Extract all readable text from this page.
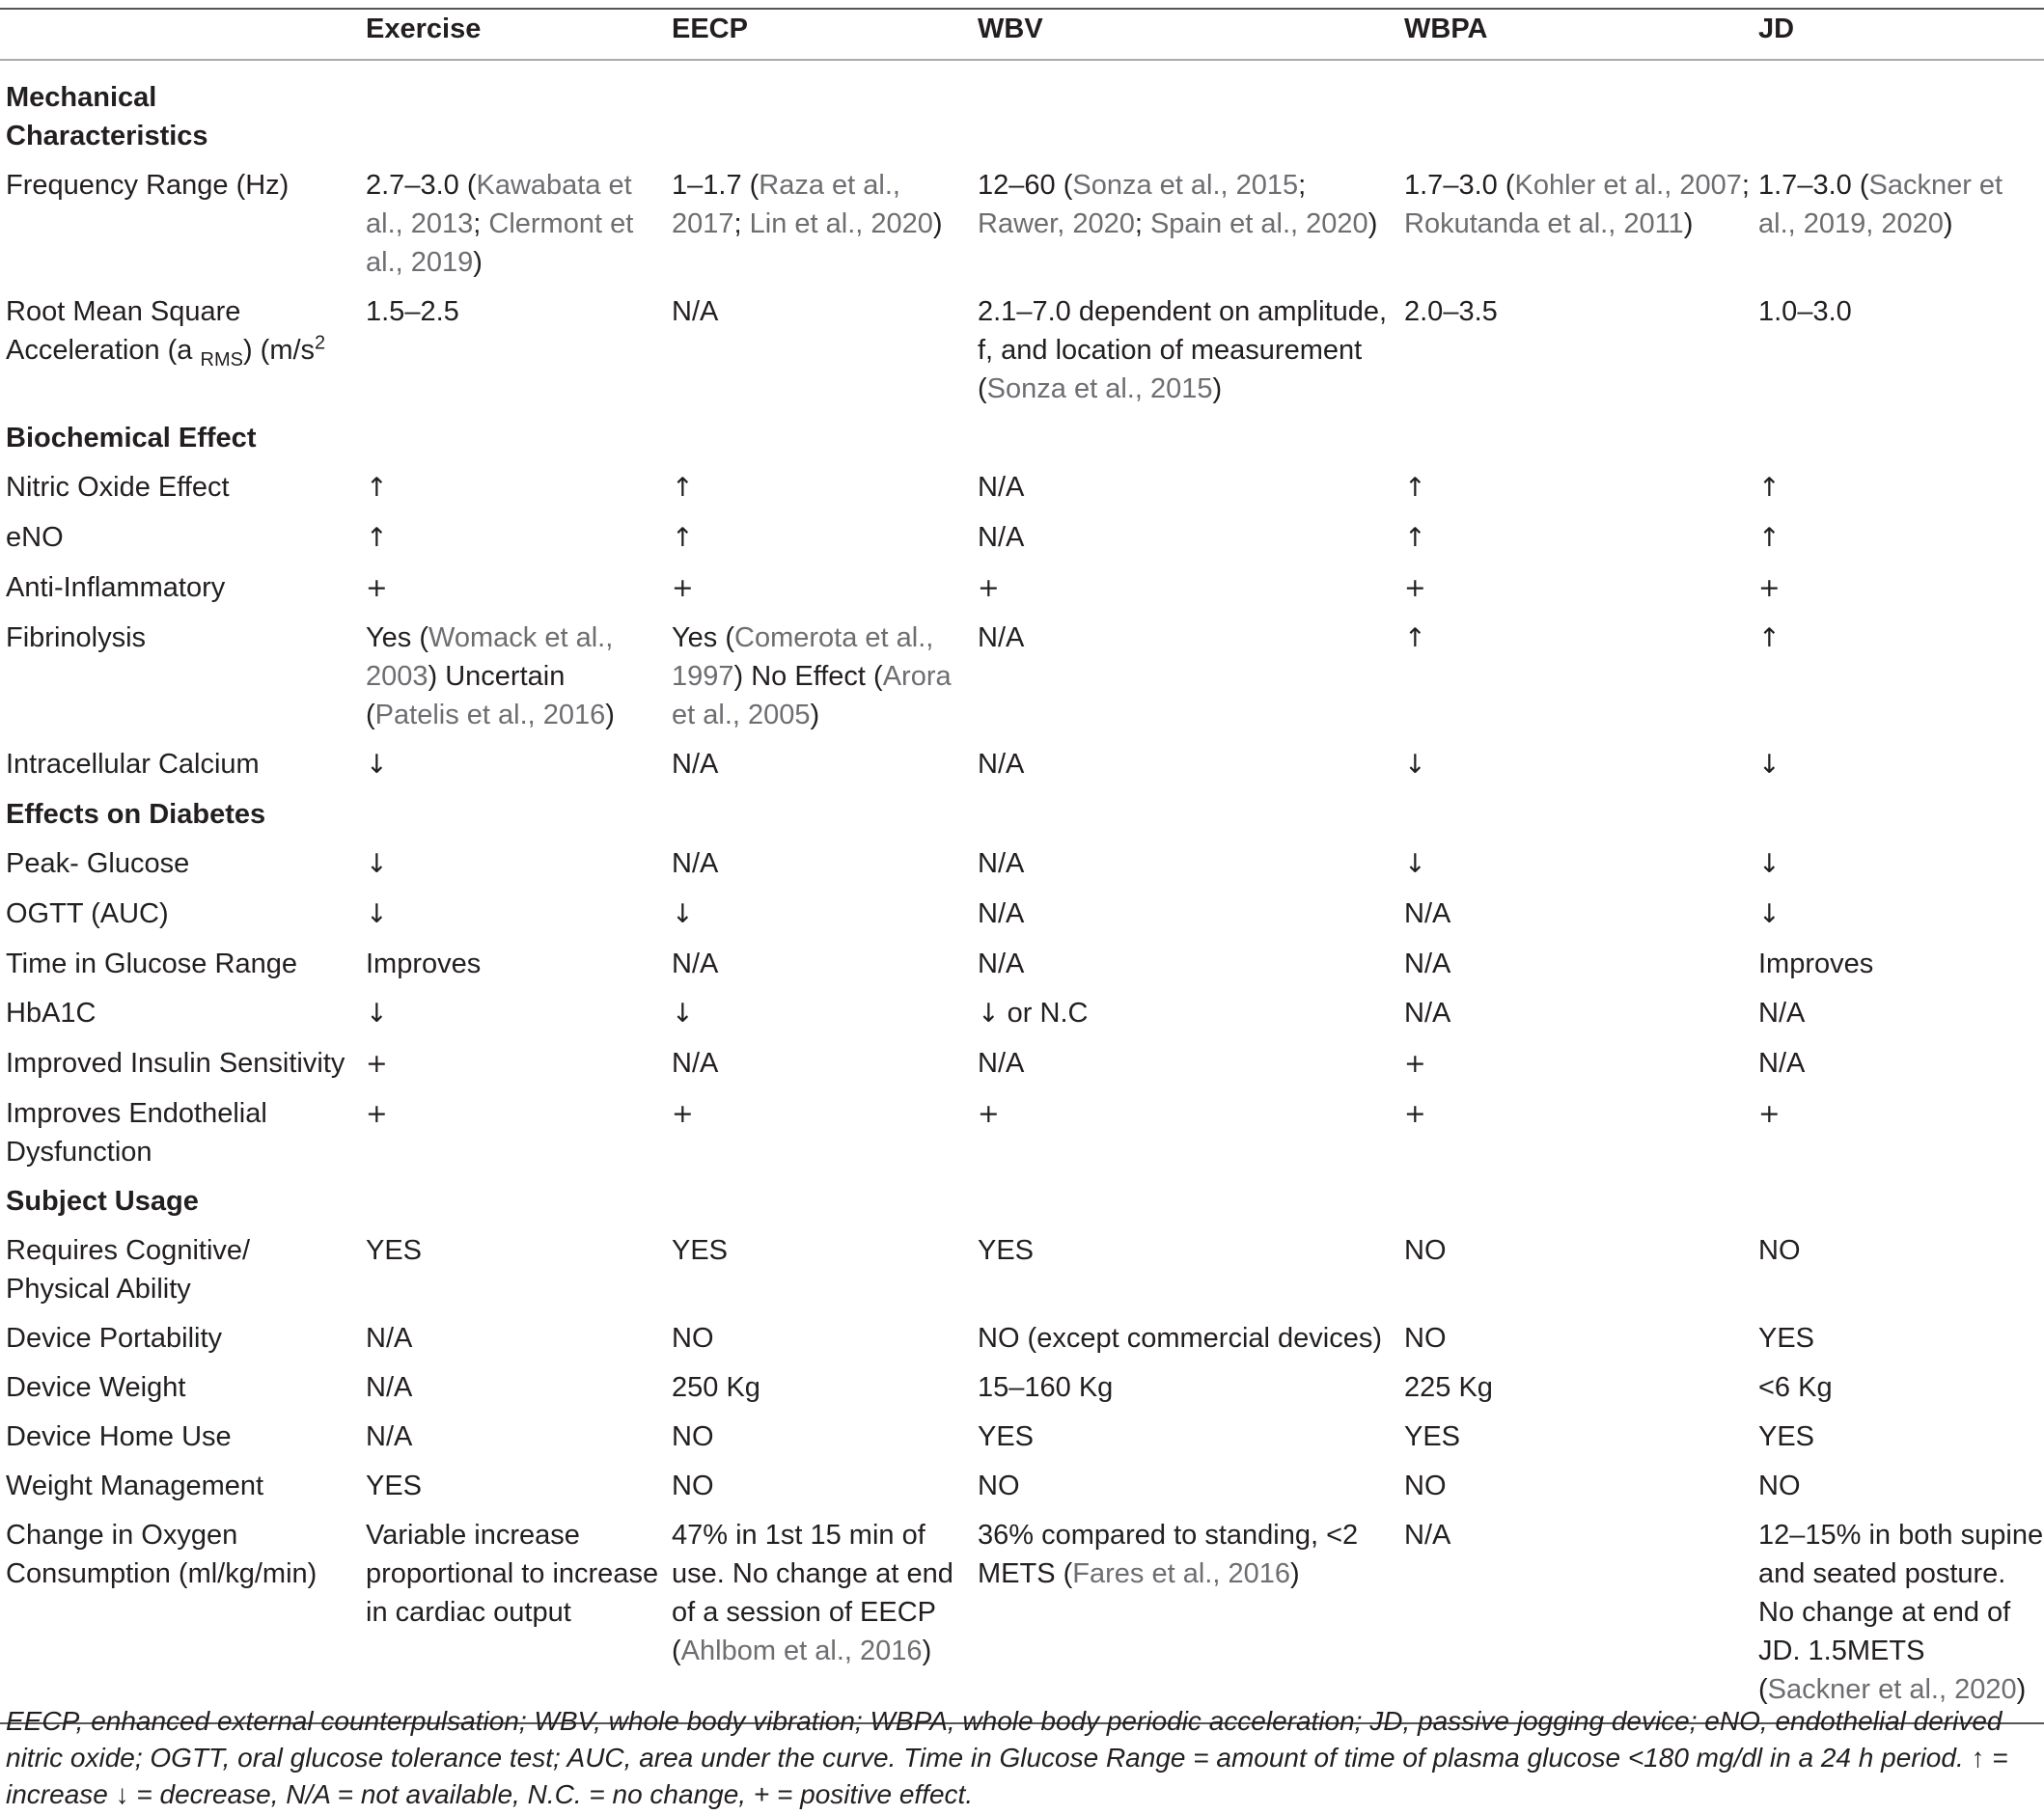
	Exercise	EECP	WBV	WBPA	JD
Mechanical Characteristics					
Frequency Range (Hz)	2.7–3.0 (Kawabata et al., 2013; Clermont et al., 2019)	1–1.7 (Raza et al., 2017; Lin et al., 2020)	12–60 (Sonza et al., 2015; Rawer, 2020; Spain et al., 2020)	1.7–3.0 (Kohler et al., 2007; Rokutanda et al., 2011)	1.7–3.0 (Sackner et al., 2019, 2020)
Root Mean Square Acceleration (a $_{RMS}$) ($m/s^2$	1.5–2.5	N/A	2.1–7.0 dependent on amplitude, f, and location of measurement (Sonza et al., 2015)	2.0–3.5	1.0–3.0
Biochemical Effect					
Nitric Oxide Effect	↑	↑	N/A	↑	↑
eNO	↑	↑	N/A	↑	↑
Anti-Inflammatory	+	+	+	+	+
Fibrinolysis	Yes (Womack et al., 2003) Uncertain (Patelis et al., 2016)	Yes (Comerota et al., 1997) No Effect (Arora et al., 2005)	N/A	↑	↑
Intracellular Calcium	↓	N/A	N/A	↓	↓
Effects on Diabetes					
Peak- Glucose	↓	N/A	N/A	↓	↓
OGTT (AUC)	↓	↓	N/A	N/A	↓
Time in Glucose Range	Improves	N/A	N/A	N/A	Improves
HbA1C	↓	↓	↓ or N.C	N/A	N/A
Improved Insulin Sensitivity	+	N/A	N/A	+	N/A
Improves Endothelial Dysfunction	+	+	+	+	+
Subject Usage					
Requires Cognitive/ Physical Ability	YES	YES	YES	NO	NO
Device Portability	N/A	NO	NO (except commercial devices)	NO	YES
Device Weight	N/A	250 Kg	15–160 Kg	225 Kg	<6 Kg
Device Home Use	N/A	NO	YES	YES	YES
Weight Management	YES	NO	NO	NO	NO
Change in Oxygen Consumption (ml/kg/min)	Variable increase proportional to increase in cardiac output	47% in 1st 15 min of use. No change at end of a session of EECP (Ahlbom et al., 2016)	36% compared to standing, <2 METS (Fares et al., 2016)	N/A	12–15% in both supine and seated posture. No change at end of JD. 1.5METS (Sackner et al., 2020)
EECP, enhanced external counterpulsation; WBV, whole body vibration; WBPA, whole body periodic acceleration; JD, passive jogging device; eNO, endothelial derived nitric oxide; OGTT, oral glucose tolerance test; AUC, area under the curve. Time in Glucose Range = amount of time of plasma glucose <180 mg/dl in a 24 h period. ↑ = increase ↓ = decrease, N/A = not available, N.C. = no change, + = positive effect.
